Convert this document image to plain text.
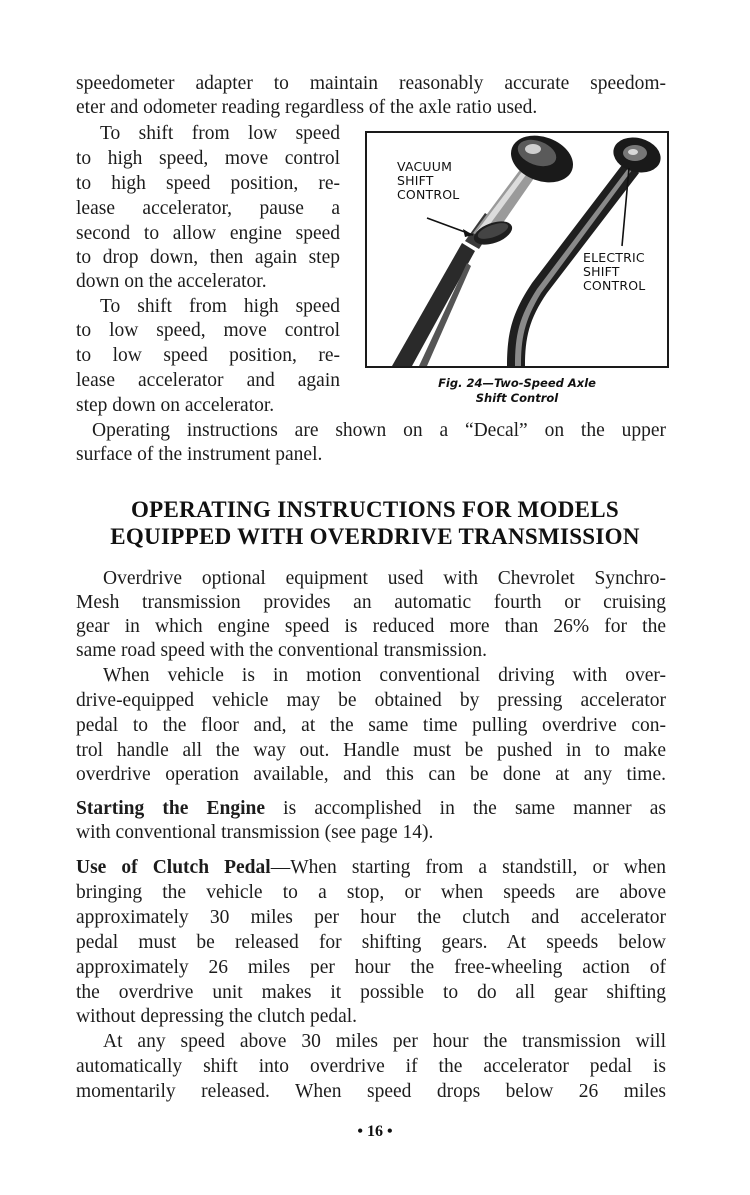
speedometer adapter to maintain reasonably accurate speedom-
eter and odometer reading regardless of the axle ratio used.
To shift from low speed
to high speed, move control
to high speed position, re-
lease accelerator, pause a
second to allow engine speed
to drop down, then again step
down on the accelerator.
To shift from high speed
to low speed, move control
to low speed position, re-
lease accelerator and again
step down on accelerator.
VACUUM
SHIFT
CONTROL
ELECTRIC
SHIFT
CONTROL
Fig. 24—Two-Speed Axle
Shift Control
Operating instructions are shown on a “Decal” on the upper
surface of the instrument panel.
OPERATING INSTRUCTIONS FOR MODELS
EQUIPPED WITH OVERDRIVE TRANSMISSION
Overdrive optional equipment used with Chevrolet Synchro-
Mesh transmission provides an automatic fourth or cruising
gear in which engine speed is reduced more than 26% for the
same road speed with the conventional transmission.
When vehicle is in motion conventional driving with over-
drive-equipped vehicle may be obtained by pressing accelerator
pedal to the floor and, at the same time pulling overdrive con-
trol handle all the way out. Handle must be pushed in to make
overdrive operation available, and this can be done at any time.
Starting the Engine is accomplished in the same manner as
with conventional transmission (see page 14).
Use of Clutch Pedal—When starting from a standstill, or when
bringing the vehicle to a stop, or when speeds are above
approximately 30 miles per hour the clutch and accelerator
pedal must be released for shifting gears. At speeds below
approximately 26 miles per hour the free-wheeling action of
the overdrive unit makes it possible to do all gear shifting
without depressing the clutch pedal.
At any speed above 30 miles per hour the transmission will
automatically shift into overdrive if the accelerator pedal is
momentarily released. When speed drops below 26 miles
• 16 •
